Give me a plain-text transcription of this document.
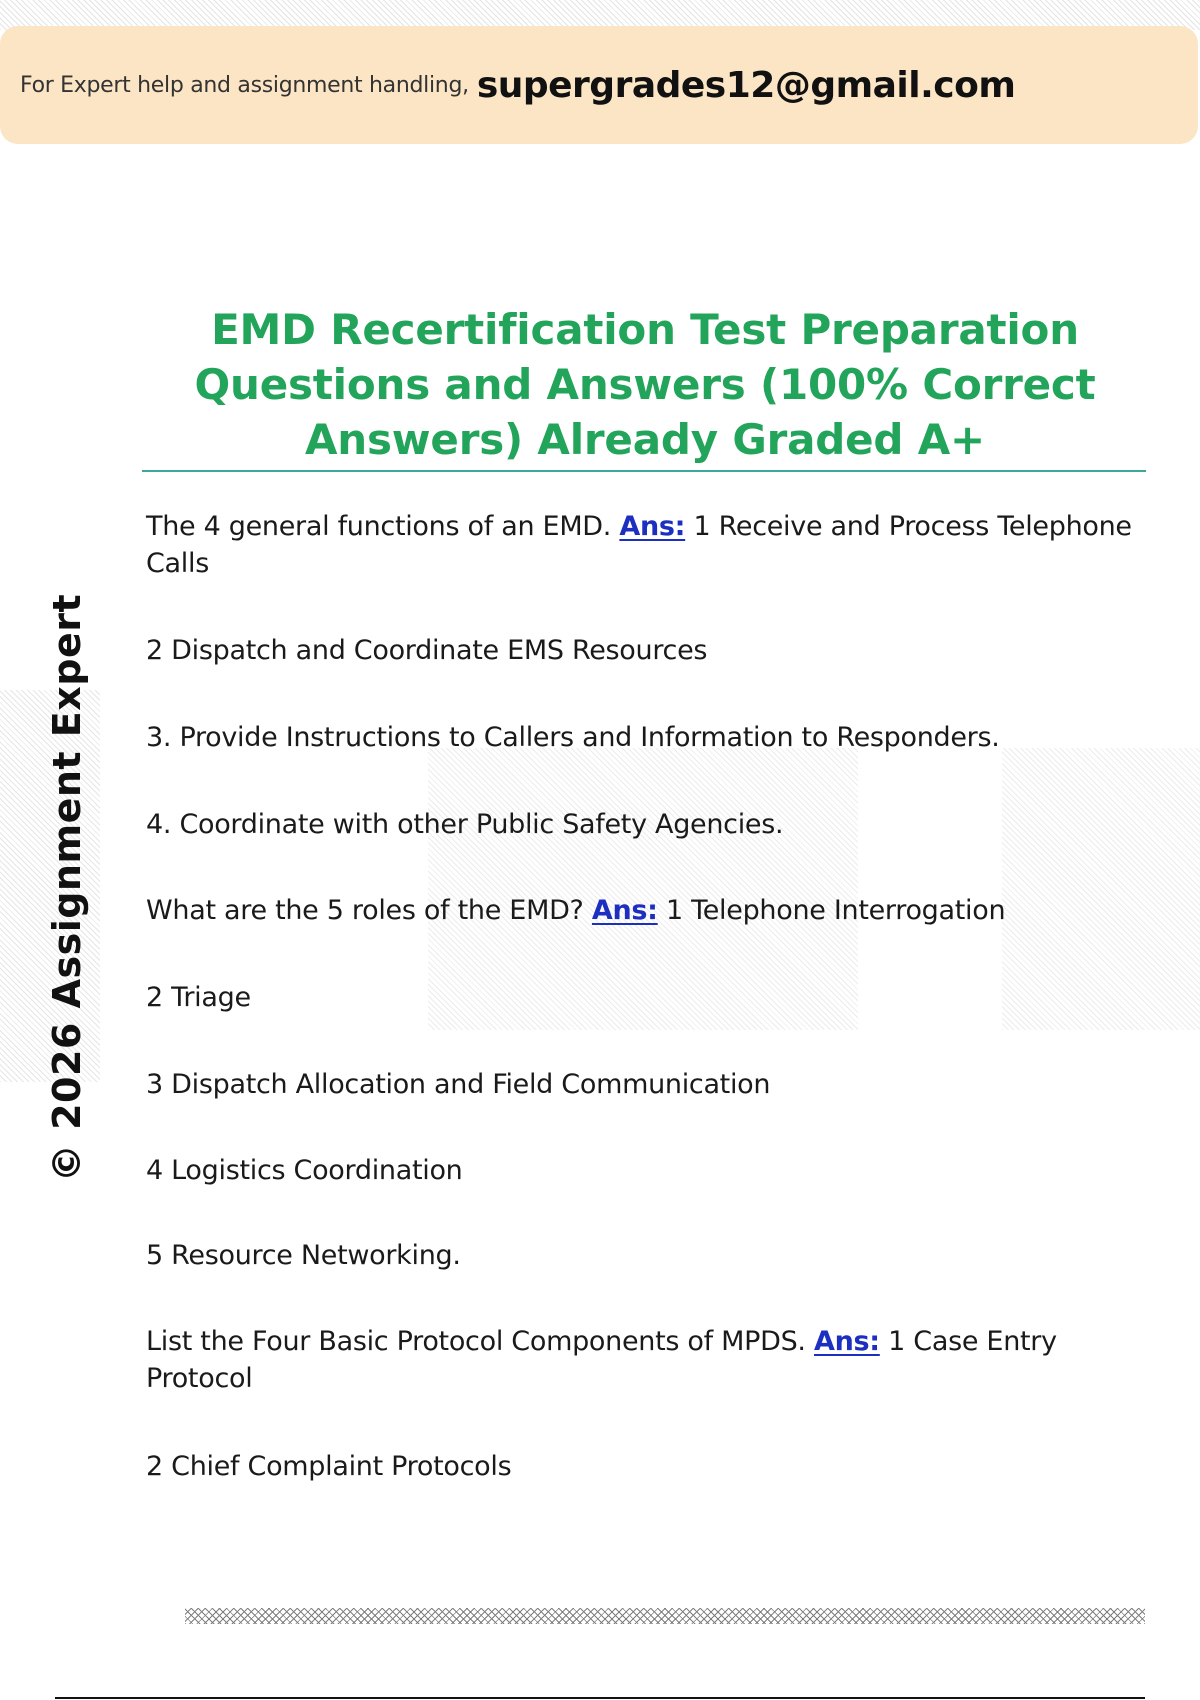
For Expert help and assignment handling, supergrades12@gmail.com
© 2026 Assignment Expert
EMD Recertification Test Preparation Questions and Answers (100% Correct Answers) Already Graded A+

The 4 general functions of an EMD. Ans: 1 Receive and Process Telephone Calls

2 Dispatch and Coordinate EMS Resources

3. Provide Instructions to Callers and Information to Responders.

4. Coordinate with other Public Safety Agencies.

What are the 5 roles of the EMD? Ans: 1 Telephone Interrogation

2 Triage

3 Dispatch Allocation and Field Communication

4 Logistics Coordination

5 Resource Networking.

List the Four Basic Protocol Components of MPDS. Ans: 1 Case Entry Protocol

2 Chief Complaint Protocols
